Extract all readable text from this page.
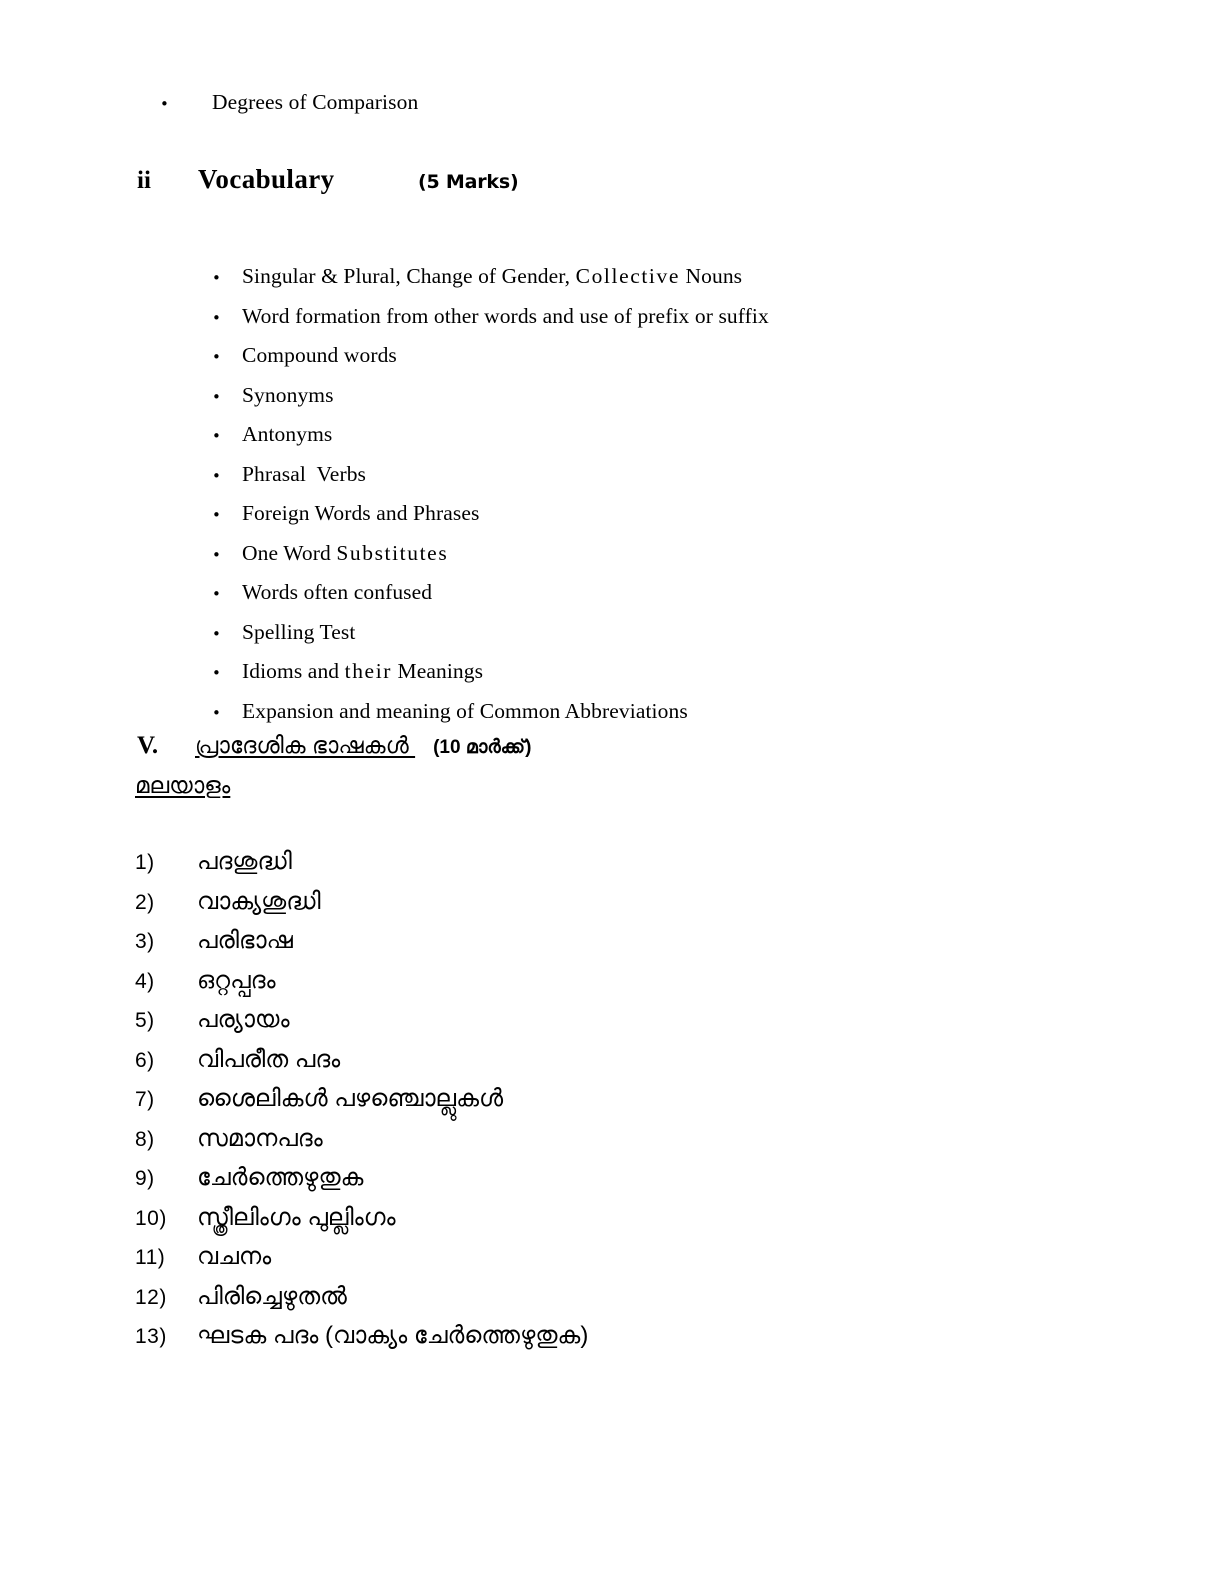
•	Degrees of Comparison
ii	Vocabulary	(5 Marks)
• Singular & Plural, Change of Gender, Collective Nouns
• Word formation from other words and use of prefix or suffix
• Compound words
• Synonyms
• Antonyms
• Phrasal  Verbs
• Foreign Words and Phrases
• One Word Substitutes
• Words often confused
• Spelling Test
• Idioms and their Meanings
• Expansion and meaning of Common Abbreviations
V.	പ്രാദേശിക ഭാഷകൾ (10 മാർക്ക്)
മലയാളം
1)	പദശുദ്ധി
2)	വാക്യശുദ്ധി
3)	പരിഭാഷ
4)	ഒറ്റപ്പദം
5)	പര്യായം
6)	വിപരീത പദം
7)	ശൈലികൾ പഴഞ്ചൊല്ലുകൾ
8)	സമാനപദം
9)	ചേർത്തെഴുതുക
10)	സ്ത്രീലിംഗം പുല്ലിംഗം
11)	വചനം
12)	പിരിച്ചെഴുതൽ
13)	ഘടക പദം (വാക്യം ചേർത്തെഴുതുക)
